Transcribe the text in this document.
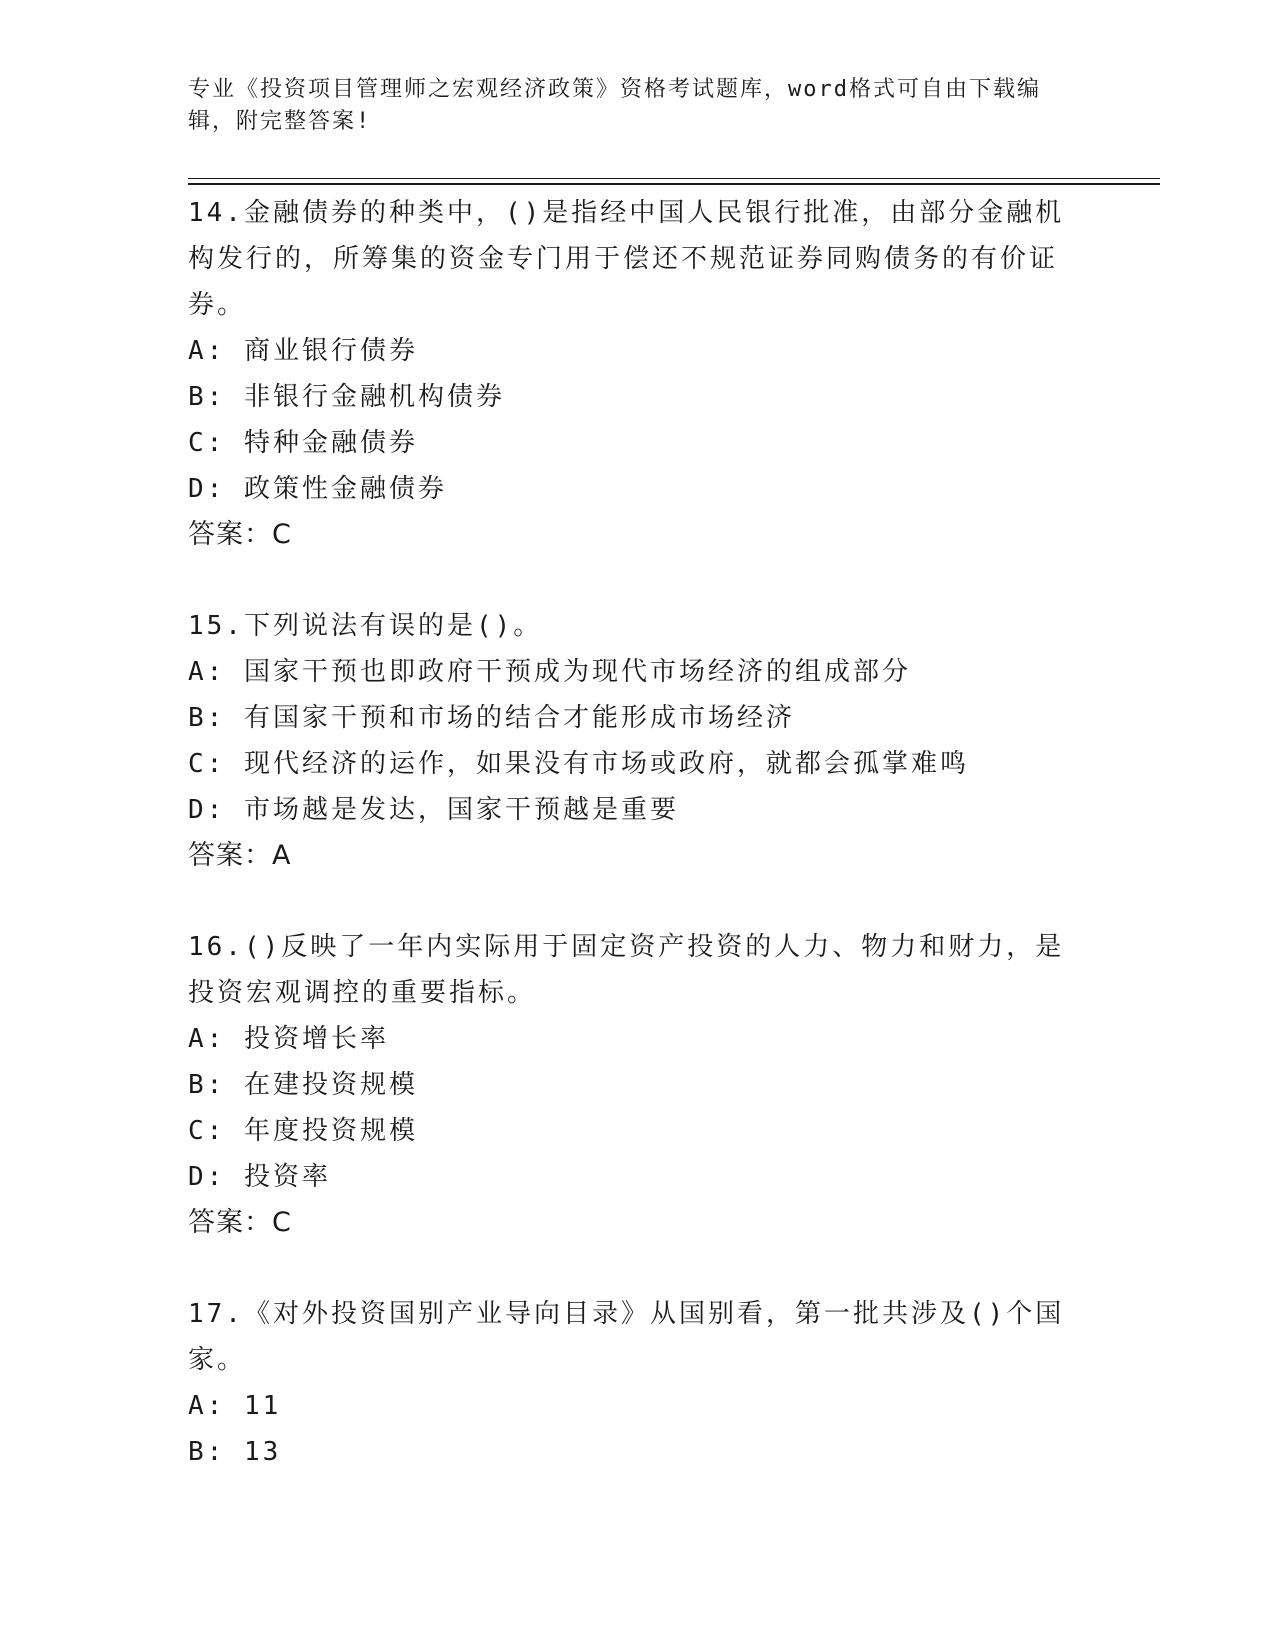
专业《投资项目管理师之宏观经济政策》资格考试题库，word格式可自由下载编辑，附完整答案!

14.金融债券的种类中，()是指经中国人民银行批准，由部分金融机构发行的，所筹集的资金专门用于偿还不规范证券同购债务的有价证券。

A: 商业银行债券

B: 非银行金融机构债券

C: 特种金融债券

D: 政策性金融债券

答案：C

15.下列说法有误的是()。

A: 国家干预也即政府干预成为现代市场经济的组成部分

B: 有国家干预和市场的结合才能形成市场经济

C: 现代经济的运作，如果没有市场或政府，就都会孤掌难鸣

D: 市场越是发达，国家干预越是重要

答案：A

16.()反映了一年内实际用于固定资产投资的人力、物力和财力，是投资宏观调控的重要指标。

A: 投资增长率

B: 在建投资规模

C: 年度投资规模

D: 投资率

答案：C

17.《对外投资国别产业导向目录》从国别看，第一批共涉及()个国家。

A: 11

B: 13
